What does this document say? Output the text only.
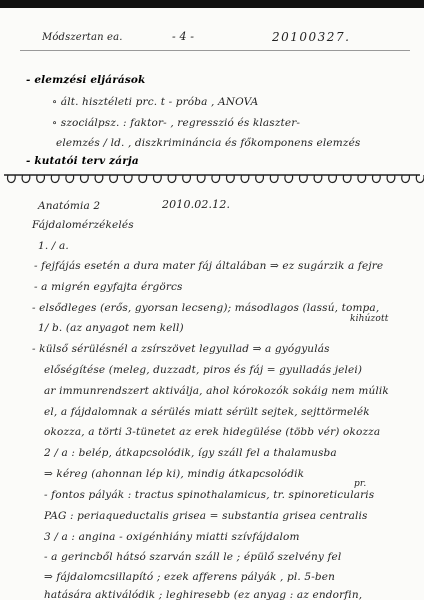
Módszertan ea.	- 4 -	20100327.
- elemzési eljárások
∘ ált. hisztéleti prc. t - próba , ANOVA
∘ szociálpsz. : faktor- , regresszió és klaszter-
elemzés / ld. , diszkrimináncia és főkomponens elemzés
- kutatói terv zárja
Anatómia 2	2010.02.12.
Fájdalomérzékelés
1. / a.
- fejfájás esetén a dura mater fáj általában ⇒ ez sugárzik a fejre
- a migrén egyfajta érgörcs
- elsődleges (erős, gyorsan lecseng); másodlagos (lassú, tompa,
kihúzott
1/ b. (az anyagot nem kell)
- külső sérülésnél a zsírszövet legyullad ⇒ a gyógyulás
előségítése (meleg, duzzadt, piros és fáj = gyulladás jelei)
ar immunrendszert aktiválja, ahol kórokozók sokáig nem múlik
el, a fájdalomnak a sérülés miatt sérült sejtek, sejttörmelék
okozza, a törti 3-tünetet az erek hidegülése (több vér) okozza
2 / a : belép, átkapcsolódik, így száll fel a thalamusba
⇒ kéreg (ahonnan lép ki), mindig átkapcsolódik
pr.
- fontos pályák : tractus spinothalamicus, tr. spinoreticularis
PAG : periaqueductalis grisea = substantia grisea centralis
3 / a : angina - oxigénhiány miatti szívfájdalom
- a gerincből hátsó szarván száll le ; épülő szelvény fel
⇒ fájdalomcsillapító ; ezek afferens pályák , pl. 5-ben
hatására aktiválódik ; leghiresebb (ez anyag : az endorfin,
